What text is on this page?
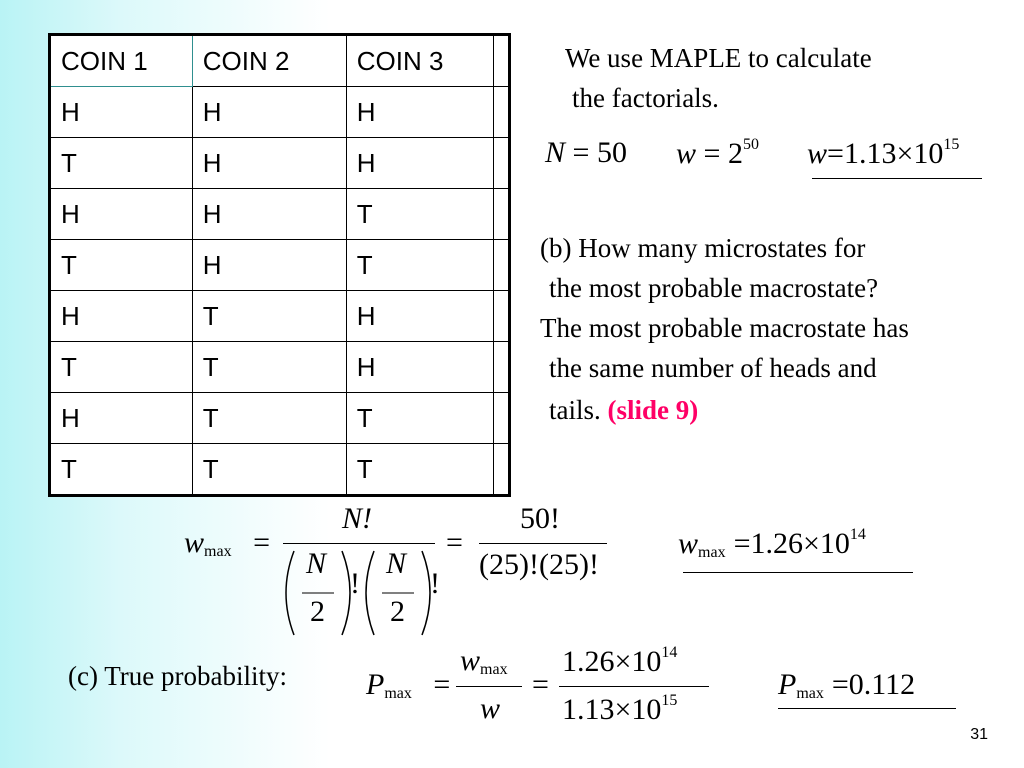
COIN 1	COIN 2	COIN 3	
H	H	H	
T	H	H	
H	H	T	
T	H	T	
H	T	H	
T	T	H	
H	T	T	
T	T	T	
We use MAPLE to calculate
the factorials.
N = 50 $w = 2^{50}$ $w=1.13\times 10^{15}$
(b) How many microstates for
the most probable macrostate?
The most probable macrostate has
the same number of heads and
tails. (slide 9)
$w_{max}$ =
N!
N
2
!
N
2
!
=
50!
(25)!(25)!
$w_{max} =1.26\times 10^{14}$
(c) True probability:	$P_{max}$ =
$w_{max}$
w
=
$1.26\times 10^{14}$
$1.13\times 10^{15}$	$P_{max} =0.112$
31
